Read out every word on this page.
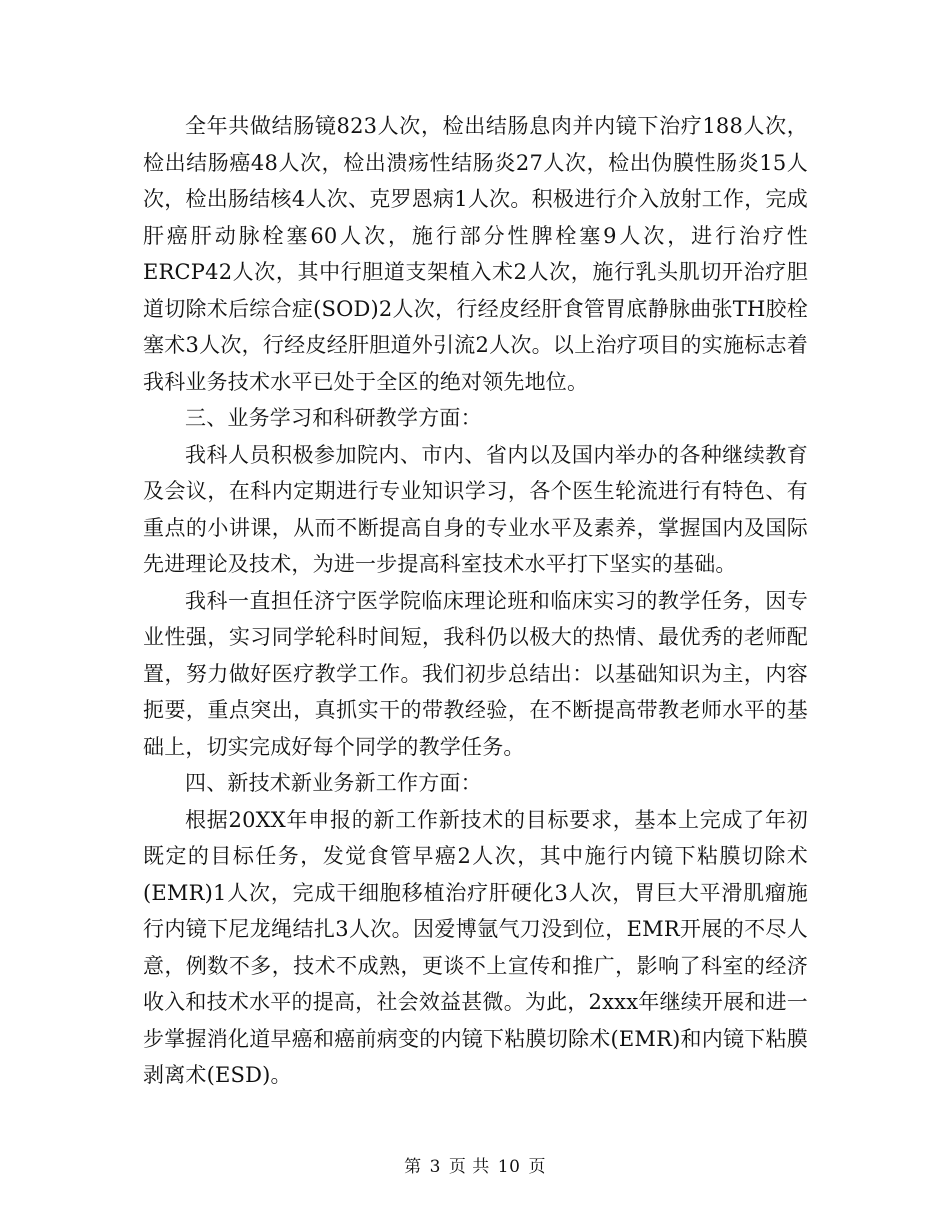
全年共做结肠镜823人次，检出结肠息肉并内镜下治疗188人次，检出结肠癌48人次，检出溃疡性结肠炎27人次，检出伪膜性肠炎15人次，检出肠结核4人次、克罗恩病1人次。积极进行介入放射工作，完成肝癌肝动脉栓塞60人次，施行部分性脾栓塞9人次，进行治疗性ERCP42人次，其中行胆道支架植入术2人次，施行乳头肌切开治疗胆道切除术后综合症(SOD)2人次，行经皮经肝食管胃底静脉曲张TH胶栓塞术3人次，行经皮经肝胆道外引流2人次。以上治疗项目的实施标志着我科业务技术水平已处于全区的绝对领先地位。

三、业务学习和科研教学方面：

我科人员积极参加院内、市内、省内以及国内举办的各种继续教育及会议，在科内定期进行专业知识学习，各个医生轮流进行有特色、有重点的小讲课，从而不断提高自身的专业水平及素养，掌握国内及国际先进理论及技术，为进一步提高科室技术水平打下坚实的基础。

我科一直担任济宁医学院临床理论班和临床实习的教学任务，因专业性强，实习同学轮科时间短，我科仍以极大的热情、最优秀的老师配置，努力做好医疗教学工作。我们初步总结出：以基础知识为主，内容扼要，重点突出，真抓实干的带教经验，在不断提高带教老师水平的基础上，切实完成好每个同学的教学任务。

四、新技术新业务新工作方面：

根据20XX年申报的新工作新技术的目标要求，基本上完成了年初既定的目标任务，发觉食管早癌2人次，其中施行内镜下粘膜切除术(EMR)1人次，完成干细胞移植治疗肝硬化3人次，胃巨大平滑肌瘤施行内镜下尼龙绳结扎3人次。因爱博氩气刀没到位，EMR开展的不尽人意，例数不多，技术不成熟，更谈不上宣传和推广，影响了科室的经济收入和技术水平的提高，社会效益甚微。为此，2xxx年继续开展和进一步掌握消化道早癌和癌前病变的内镜下粘膜切除术(EMR)和内镜下粘膜剥离术(ESD)。

第 3 页 共 10 页
